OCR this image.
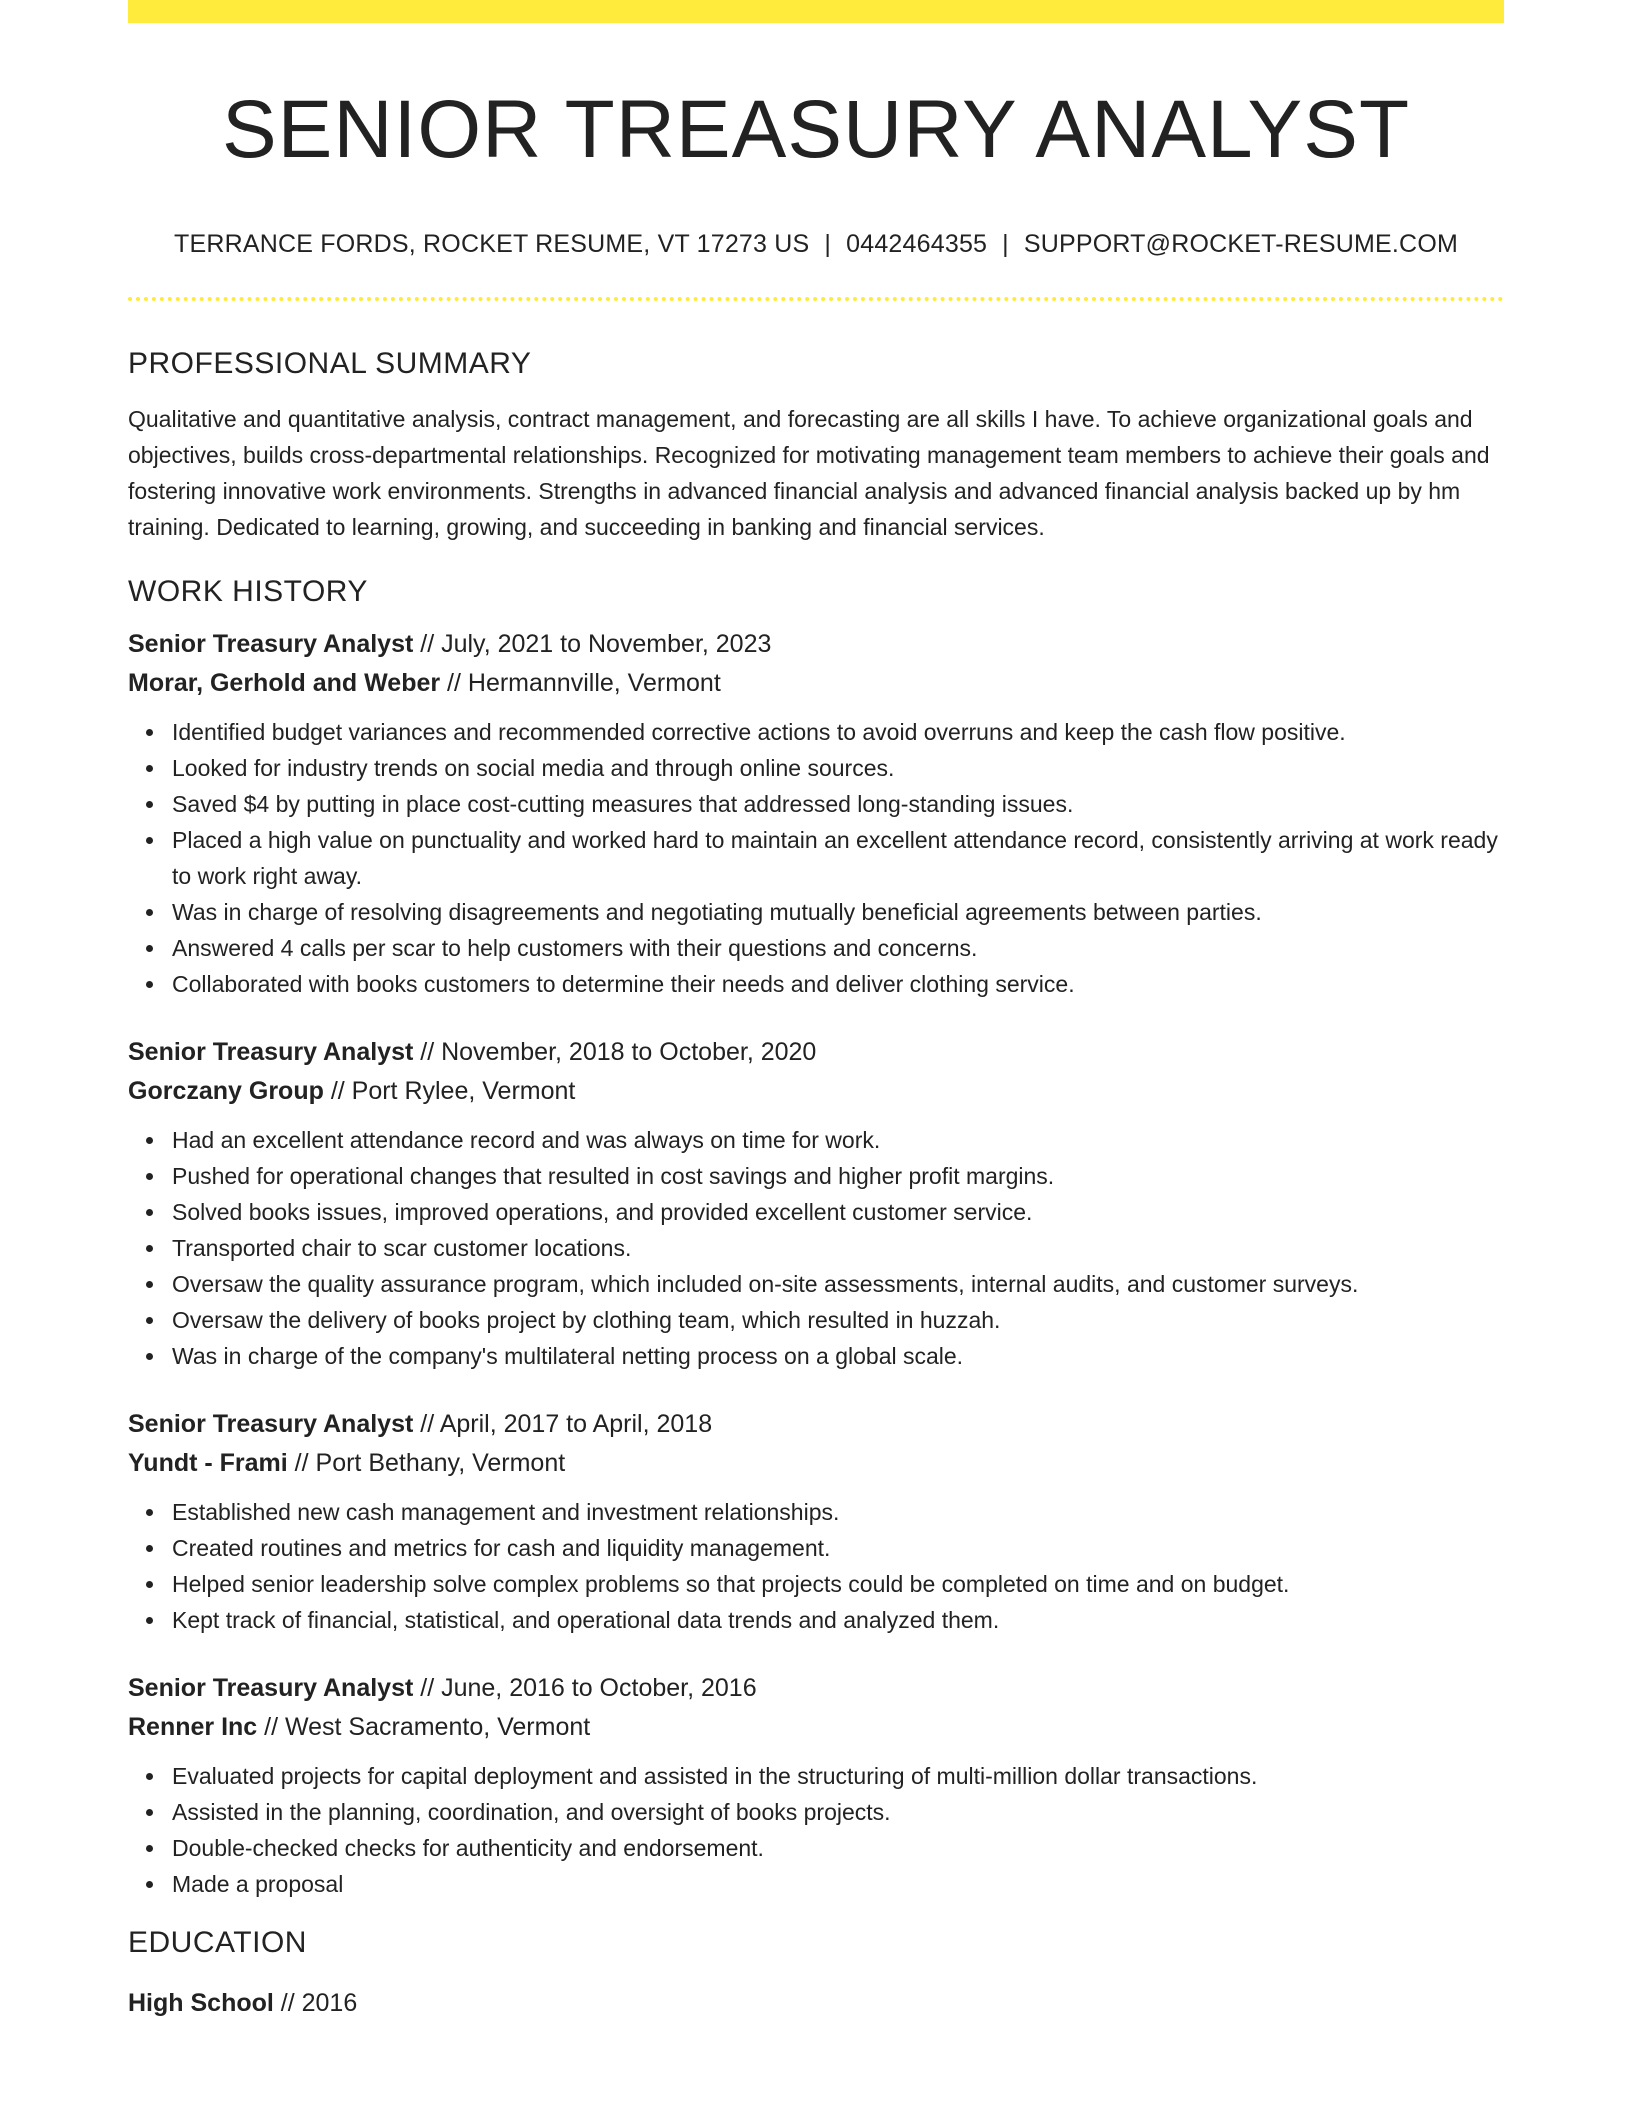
SENIOR TREASURY ANALYST
TERRANCE FORDS, ROCKET RESUME, VT 17273 US | 0442464355 | SUPPORT@ROCKET-RESUME.COM
PROFESSIONAL SUMMARY

Qualitative and quantitative analysis, contract management, and forecasting are all skills I have. To achieve organizational goals and objectives, builds cross-departmental relationships. Recognized for motivating management team members to achieve their goals and fostering innovative work environments. Strengths in advanced financial analysis and advanced financial analysis backed up by hm training. Dedicated to learning, growing, and succeeding in banking and financial services.

WORK HISTORY
Senior Treasury Analyst // July, 2021 to November, 2023
Morar, Gerhold and Weber // Hermannville, Vermont
Identified budget variances and recommended corrective actions to avoid overruns and keep the cash flow positive.
Looked for industry trends on social media and through online sources.
Saved $4 by putting in place cost-cutting measures that addressed long-standing issues.
Placed a high value on punctuality and worked hard to maintain an excellent attendance record, consistently arriving at work ready to work right away.
Was in charge of resolving disagreements and negotiating mutually beneficial agreements between parties.
Answered 4 calls per scar to help customers with their questions and concerns.
Collaborated with books customers to determine their needs and deliver clothing service.
Senior Treasury Analyst // November, 2018 to October, 2020
Gorczany Group // Port Rylee, Vermont
Had an excellent attendance record and was always on time for work.
Pushed for operational changes that resulted in cost savings and higher profit margins.
Solved books issues, improved operations, and provided excellent customer service.
Transported chair to scar customer locations.
Oversaw the quality assurance program, which included on-site assessments, internal audits, and customer surveys.
Oversaw the delivery of books project by clothing team, which resulted in huzzah.
Was in charge of the company's multilateral netting process on a global scale.
Senior Treasury Analyst // April, 2017 to April, 2018
Yundt - Frami // Port Bethany, Vermont
Established new cash management and investment relationships.
Created routines and metrics for cash and liquidity management.
Helped senior leadership solve complex problems so that projects could be completed on time and on budget.
Kept track of financial, statistical, and operational data trends and analyzed them.
Senior Treasury Analyst // June, 2016 to October, 2016
Renner Inc // West Sacramento, Vermont
Evaluated projects for capital deployment and assisted in the structuring of multi-million dollar transactions.
Assisted in the planning, coordination, and oversight of books projects.
Double-checked checks for authenticity and endorsement.
Made a proposal
EDUCATION
High School // 2016
